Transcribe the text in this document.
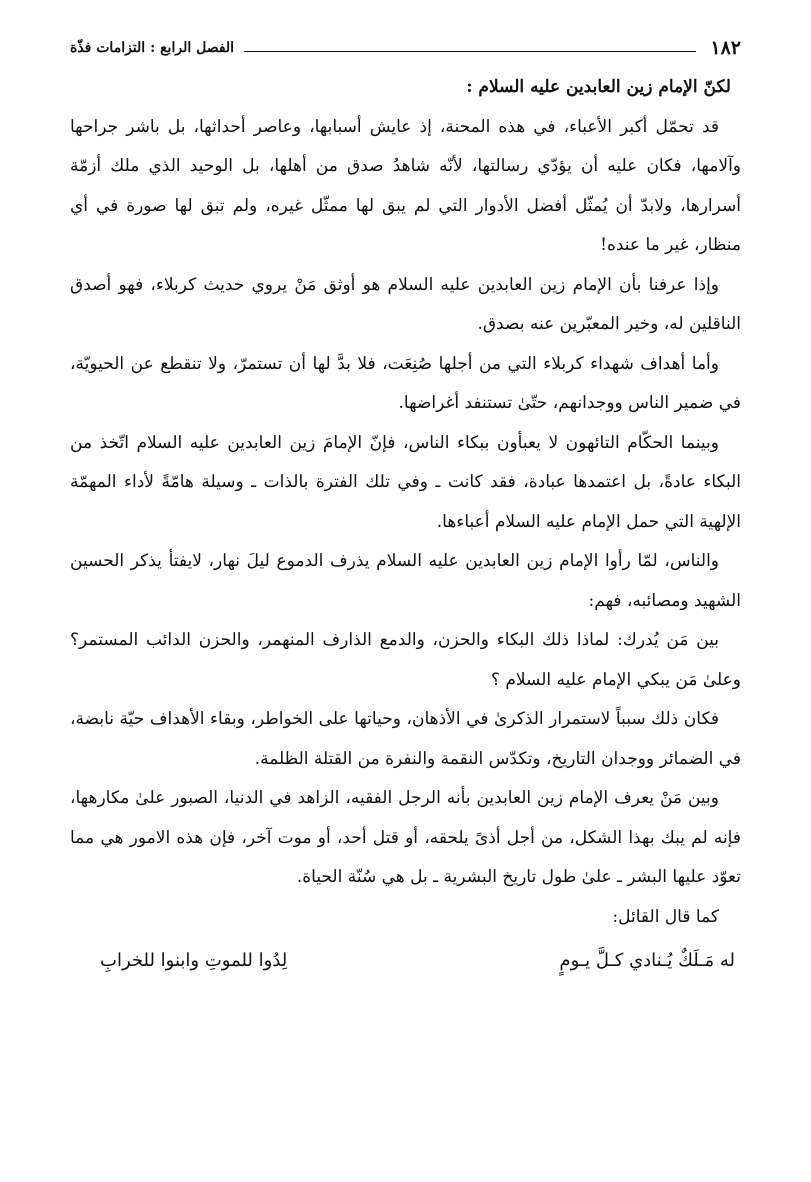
١٨٢
الفصل الرابع : التزامات فذّة

لكنّ الإمام زين العابدين عليه السلام :

قد تحمّل أكبر الأعباء، في هذه المحنة، إذ عايش أسبابها، وعاصر أحداثها، بل باشر جراحها وآلامها، فكان عليه أن يؤدّي رسالتها، لأنّه شاهدُ صدق من أهلها، بل الوحيد الذي ملك أزمّة أسرارها، ولابدّ أن يُمثّل أفضل الأدوار التي لم يبق لها ممثّل غيره، ولم تبق لها صورة في أي منظار، غير ما عنده!

وإذا عرفنا بأن الإمام زين العابدين عليه السلام هو أوثق مَنْ يروي حديث كربلاء، فهو أصدق الناقلين له، وخير المعبّرين عنه بصدق.

وأما أهداف شهداء كربلاء التي من أجلها صُنِعَت، فلا بدَّ لها أن تستمرّ، ولا تنقطع عن الحيويّة، في ضمير الناس ووجدانهم، حتّىٰ تستنفد أغراضها.

وبينما الحكّام التائهون لا يعبأون ببكاء الناس، فإنّ الإمامَ زين العابدين عليه السلام اتّخذ من البكاء عادةً، بل اعتمدها عبادة، فقد كانت ـ وفي تلك الفترة بالذات ـ وسيلة هامّةً لأداء المهمّة الإلهية التي حمل الإمام عليه السلام أعباءها.

والناس، لمّا رأوا الإمام زين العابدين عليه السلام يذرف الدموع ليلَ نهار، لايفتأ يذكر الحسين الشهيد ومصائبه، فهم:

بين مَن يُدرك: لماذا ذلك البكاء والحزن، والدمع الذارف المنهمر، والحزن الدائب المستمر؟ وعلىٰ مَن يبكي الإمام عليه السلام ؟

فكان ذلك سبباً لاستمرار الذكرىٰ في الأذهان، وحياتها على الخواطر، وبقاء الأهداف حيّة نابضة، في الضمائر ووجدان التاريخ، وتكدّس النقمة والنفرة من القتلة الظلمة.

وبين مَنْ يعرف الإمام زين العابدين بأنه الرجل الفقيه، الزاهد في الدنيا، الصبور علىٰ مكارهها، فإنه لم يبك بهذا الشكل، من أجل أذىً يلحقه، أو قتل أحد، أو موت آخر، فإن هذه الامور هي مما تعوّد عليها البشر ـ علىٰ طول تاريخ البشرية ـ بل هي سُنّة الحياة.

كما قال القائل:

له مَـلَكٌ يُـنادي كـلَّ يـومٍ
لِدُوا للموتِ وابنوا للخرابِ
